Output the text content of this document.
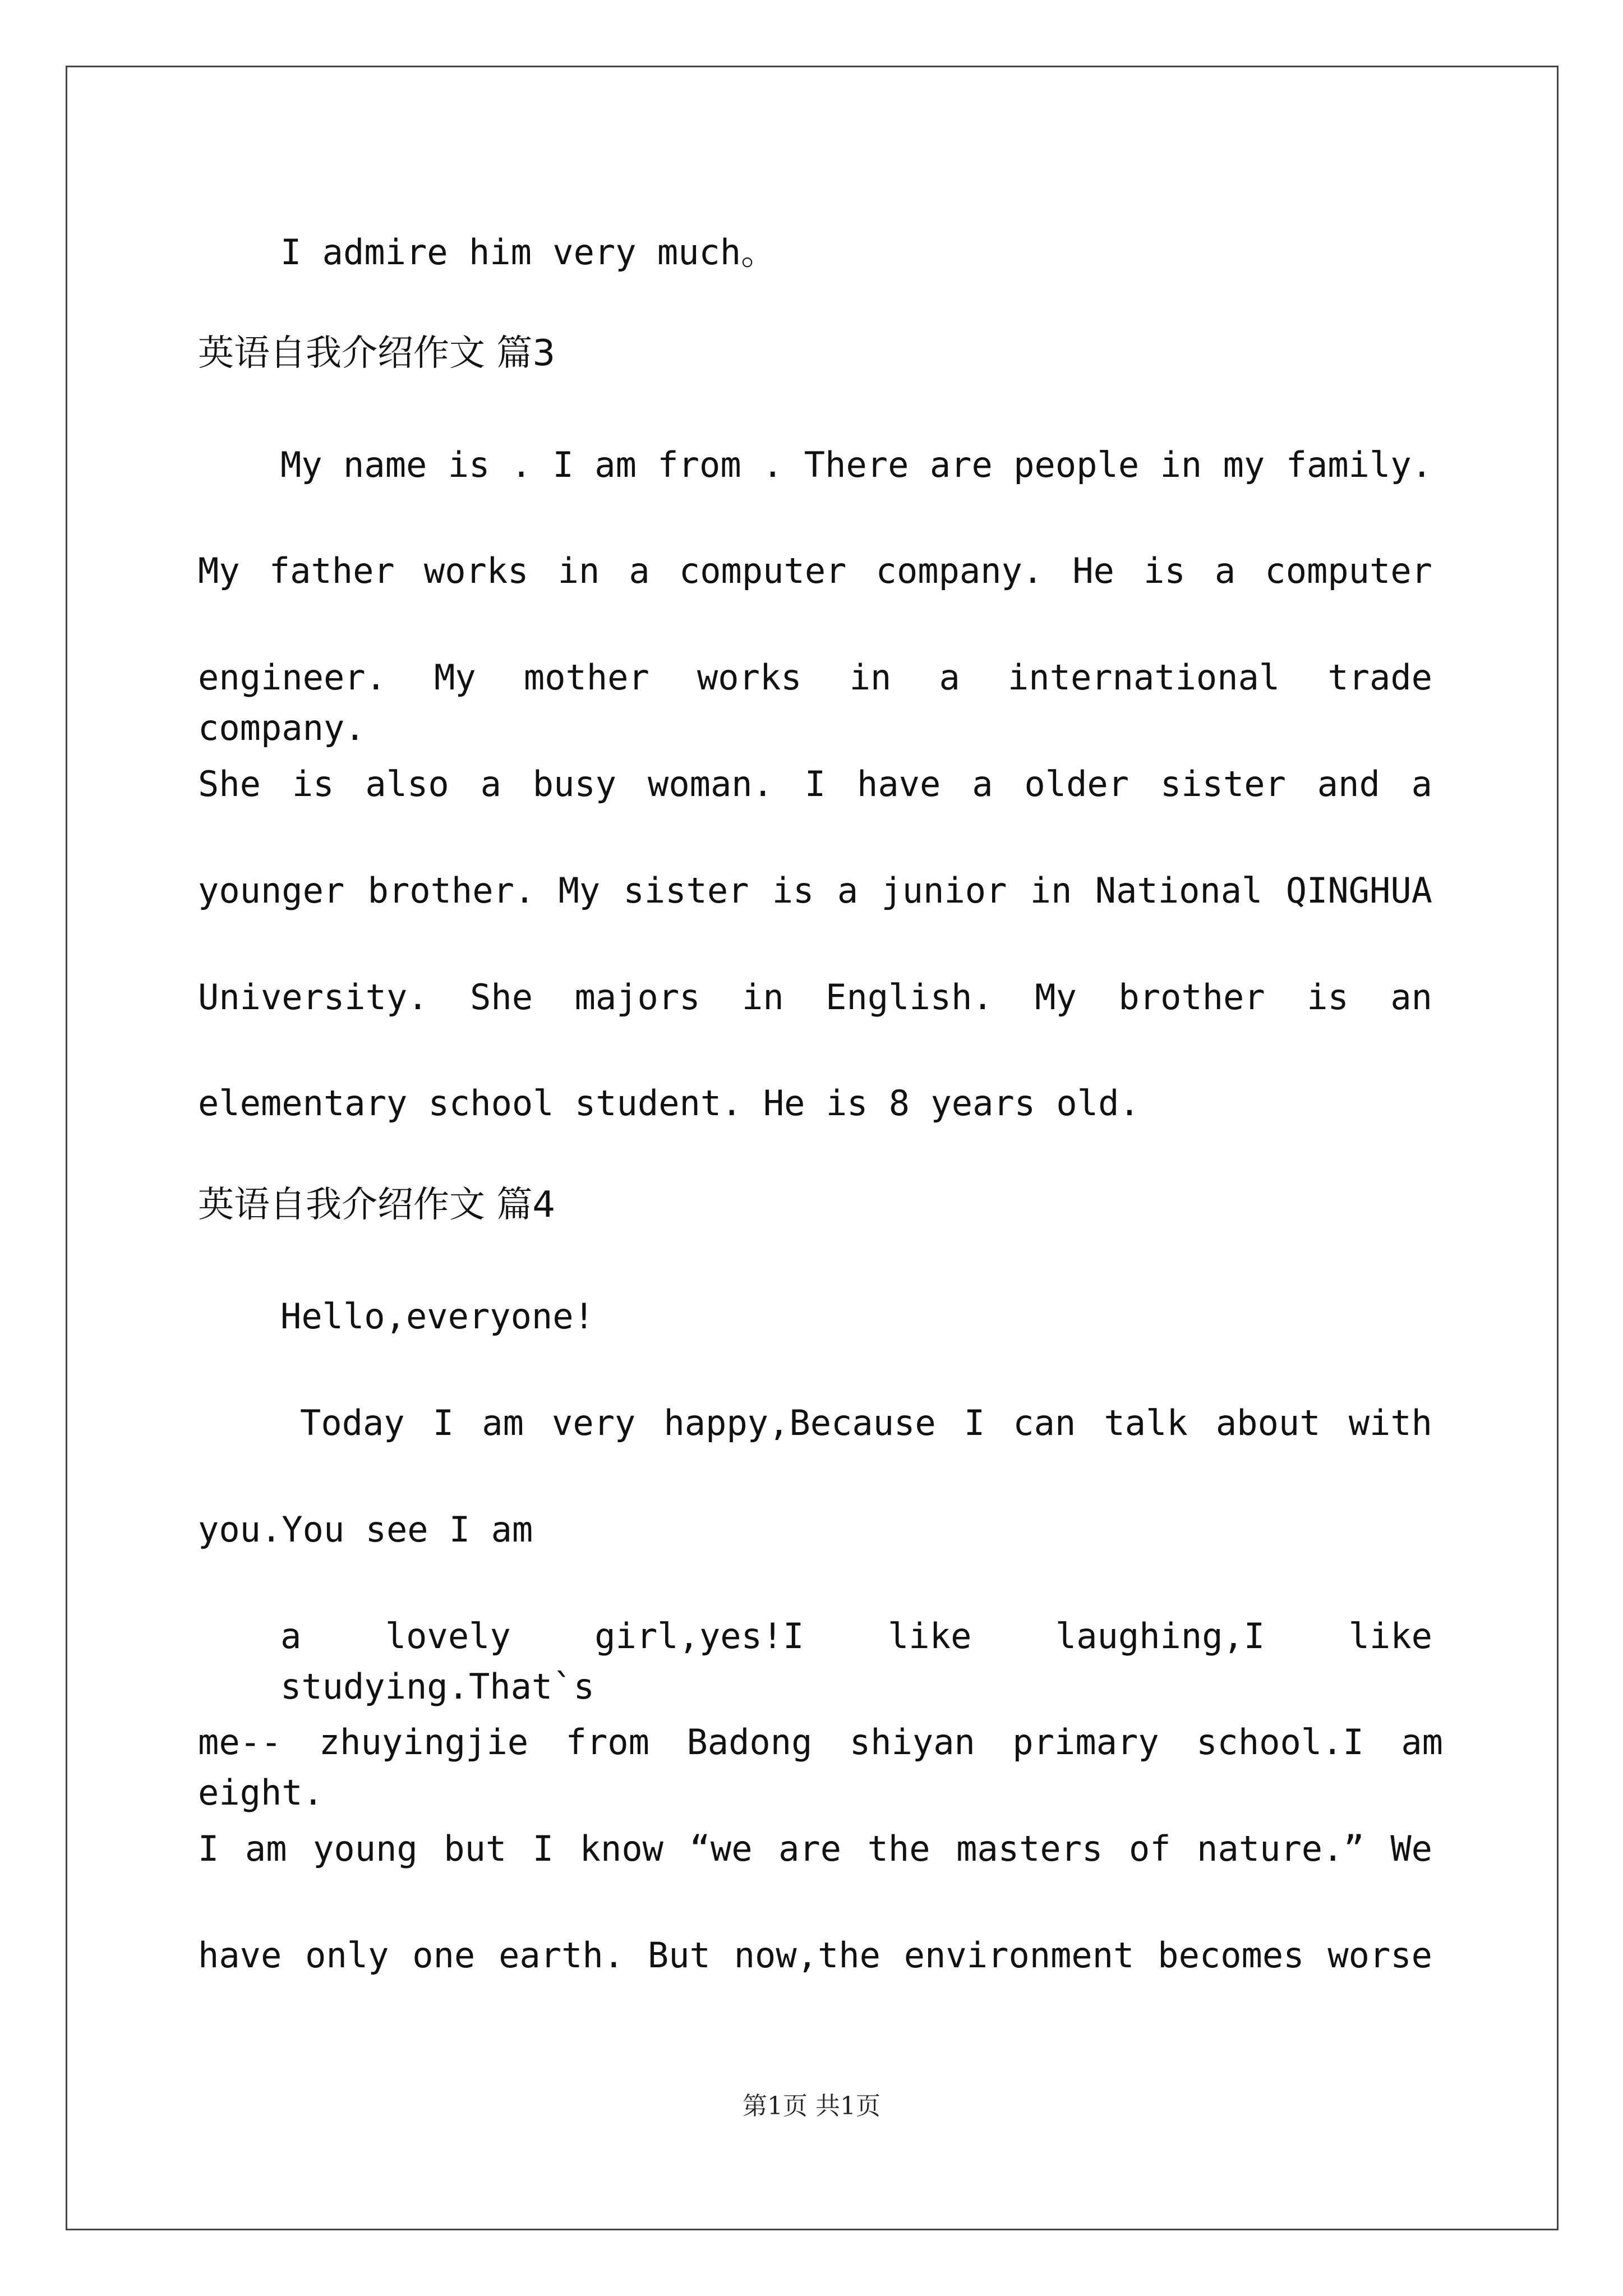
I admire him very much。

英语自我介绍作文 篇3

My name is . I am from . There are people in my family.

My father works in a computer company. He is a computer

engineer. My mother works in a international trade company.

She is also a busy woman. I have a older sister and a

younger brother. My sister is a junior in National QINGHUA

University. She majors in English. My brother is an

elementary school student. He is 8 years old.

英语自我介绍作文 篇4

Hello,everyone!

Today I am very happy,Because I can talk about with

you.You see I am

a lovely girl,yes!I like laughing,I like studying.That`s

me-- zhuyingjie from Badong shiyan primary school.I am eight.

I am young but I know “we are the masters of nature.” We

have only one earth. But now,the environment becomes worse

第1页 共1页
